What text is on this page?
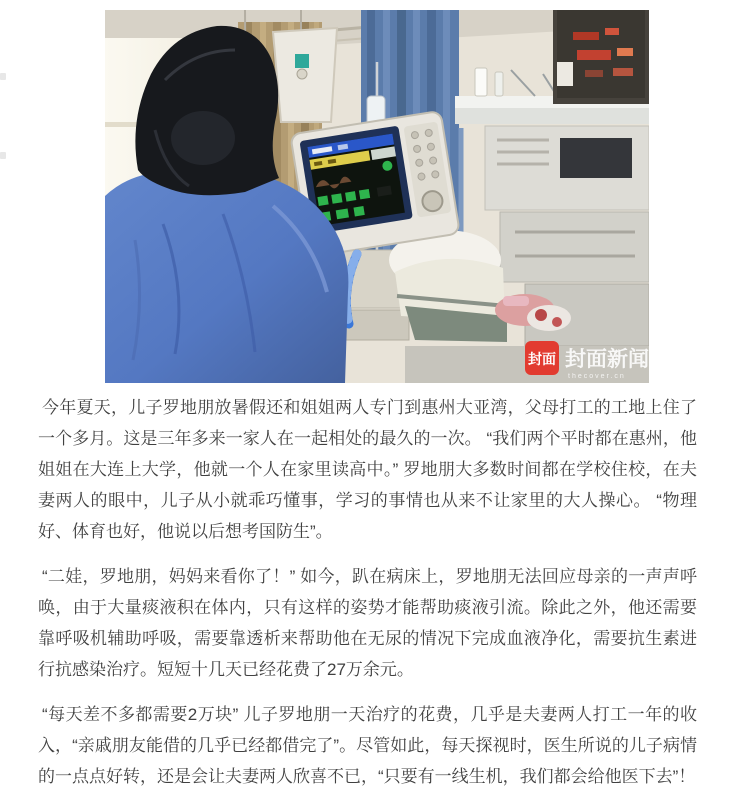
封面 封面新闻
thecover.cn

今年夏天，儿子罗地朋放暑假还和姐姐两人专门到惠州大亚湾，父母打工的工地上住了一个多月。这是三年多来一家人在一起相处的最久的一次。 “我们两个平时都在惠州，他姐姐在大连上大学，他就一个人在家里读高中。” 罗地朋大多数时间都在学校住校，在夫妻两人的眼中，儿子从小就乖巧懂事，学习的事情也从来不让家里的大人操心。 “物理好、体育也好，他说以后想考国防生”。

“二娃，罗地朋，妈妈来看你了！” 如今，趴在病床上，罗地朋无法回应母亲的一声声呼唤，由于大量痰液积在体内，只有这样的姿势才能帮助痰液引流。除此之外，他还需要靠呼吸机辅助呼吸，需要靠透析来帮助他在无尿的情况下完成血液净化，需要抗生素进行抗感染治疗。短短十几天已经花费了27万余元。

“每天差不多都需要2万块” 儿子罗地朋一天治疗的花费，几乎是夫妻两人打工一年的收入，“亲戚朋友能借的几乎已经都借完了”。尽管如此，每天探视时，医生所说的儿子病情的一点点好转，还是会让夫妻两人欣喜不已，“只要有一线生机，我们都会给他医下去”！
